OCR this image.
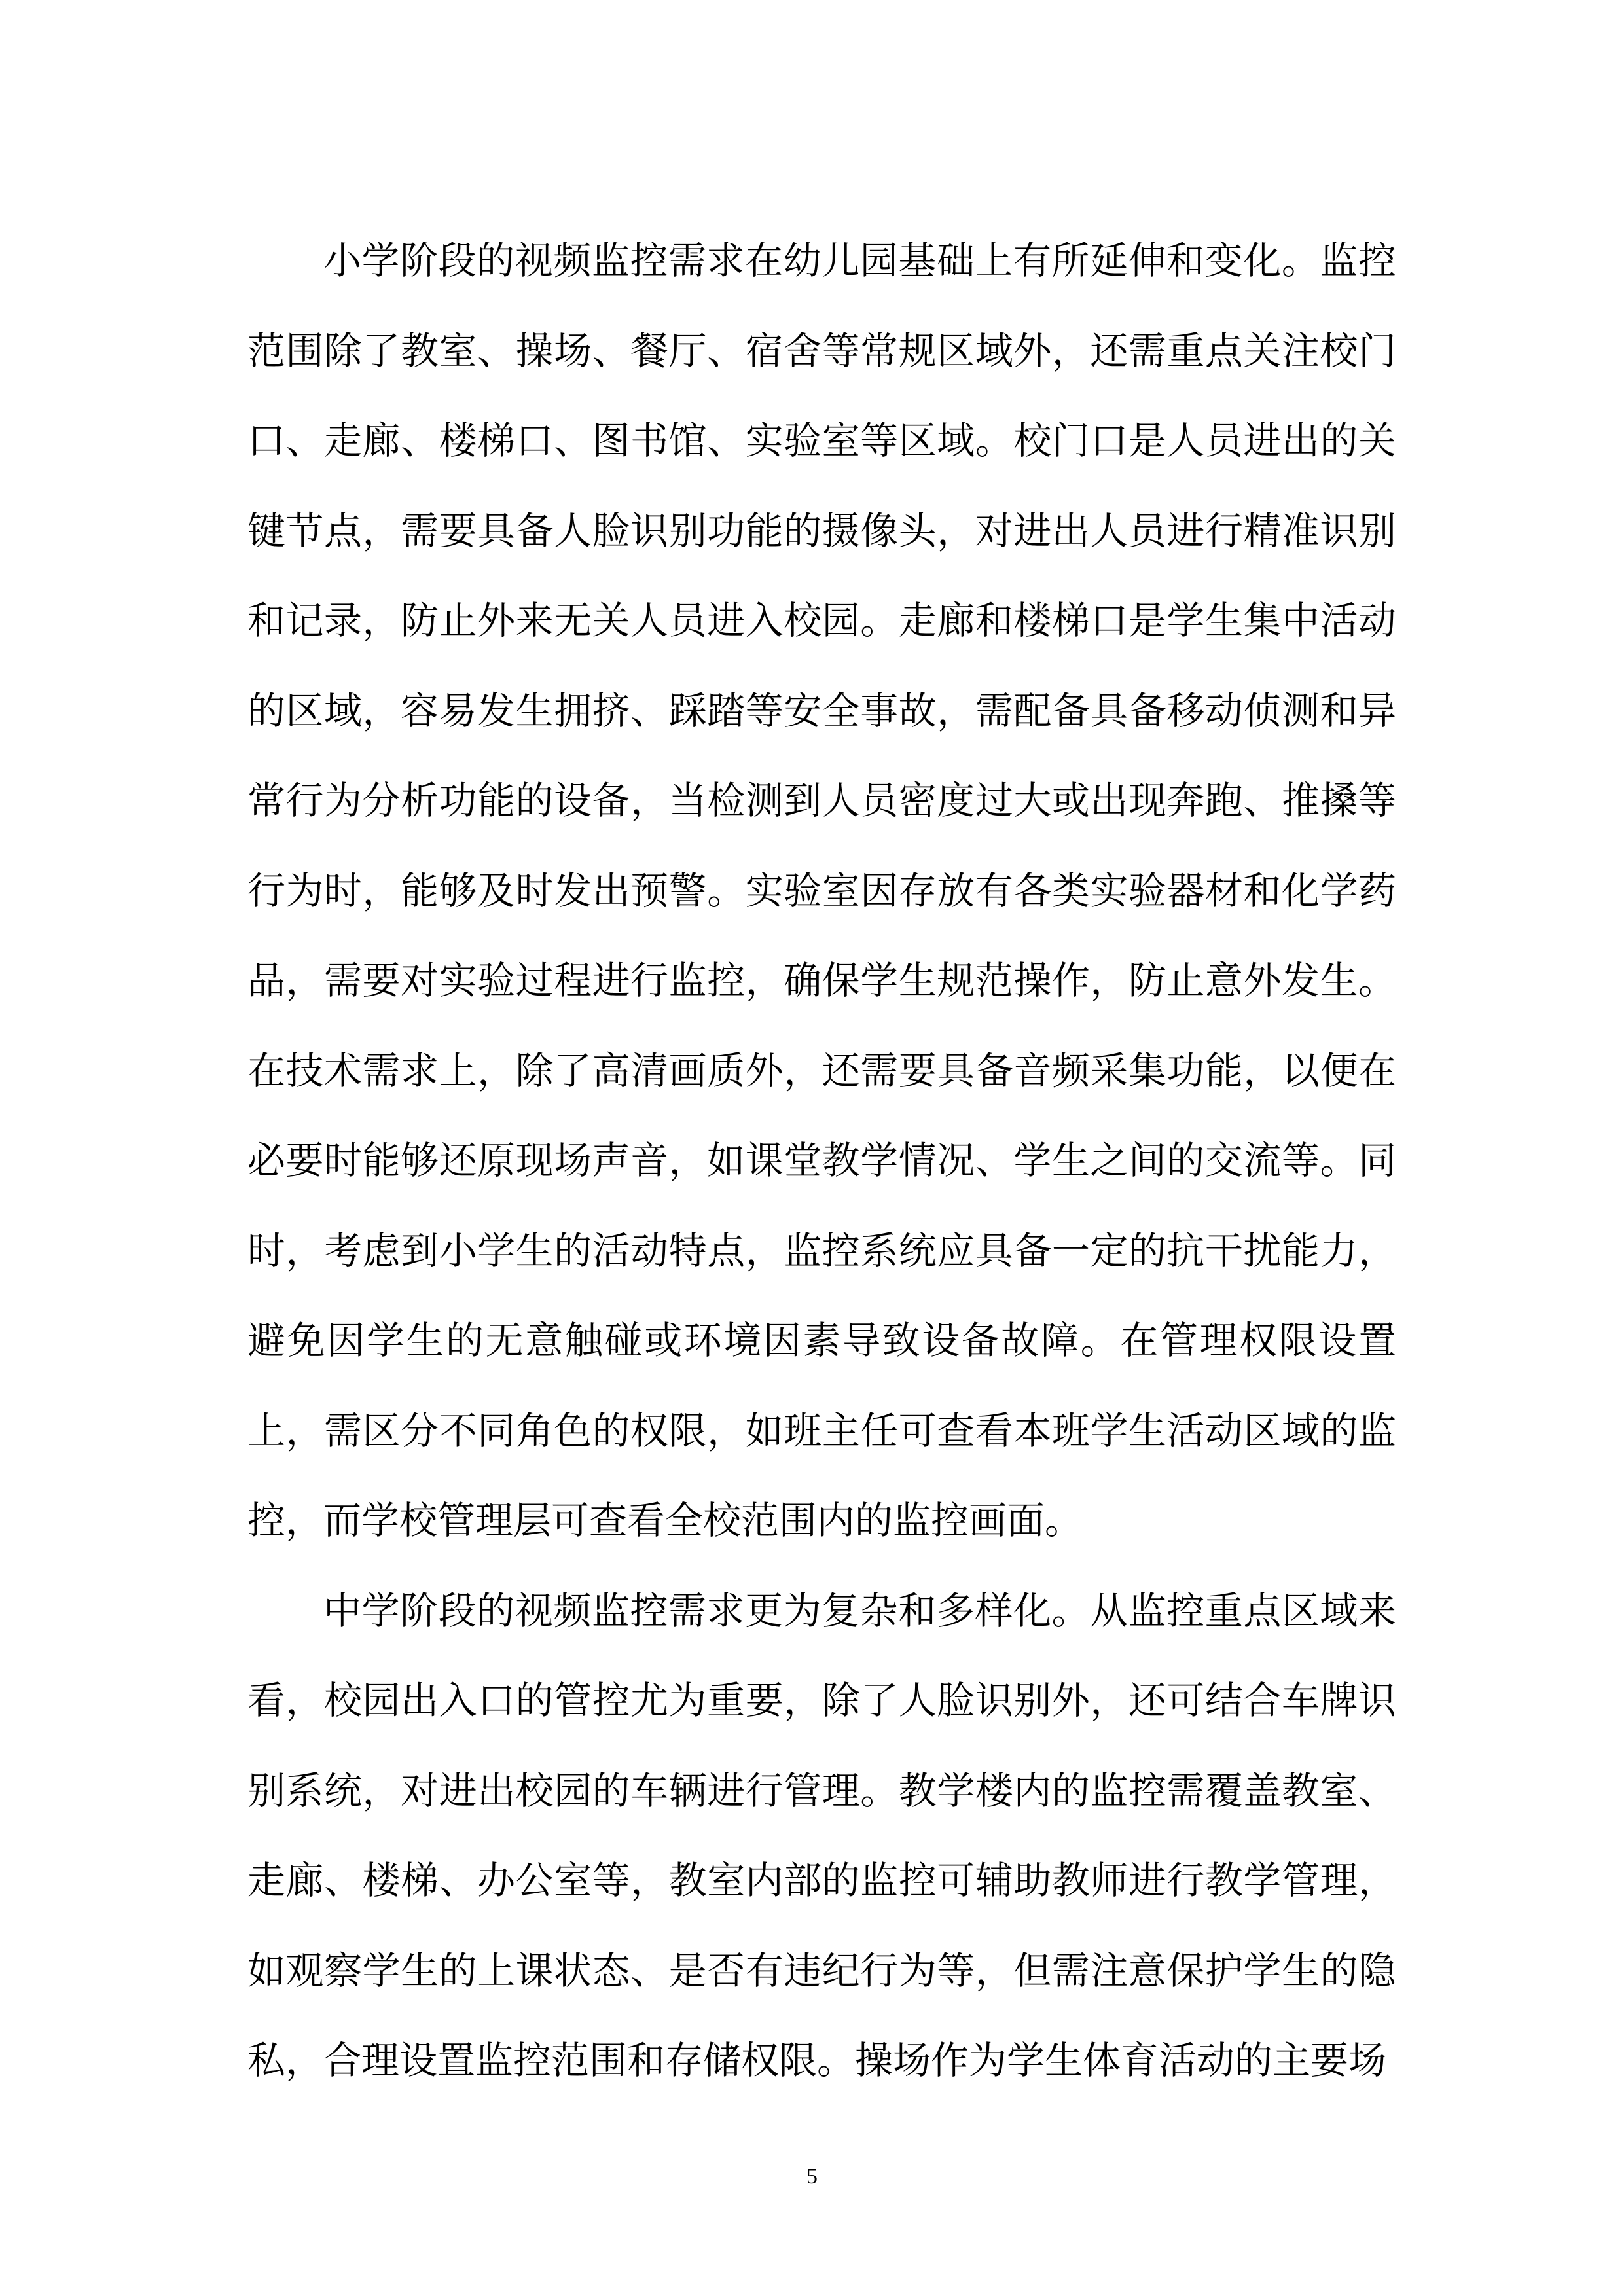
小学阶段的视频监控需求在幼儿园基础上有所延伸和变化。监控范围除了教室、操场、餐厅、宿舍等常规区域外，还需重点关注校门口、走廊、楼梯口、图书馆、实验室等区域。校门口是人员进出的关键节点，需要具备人脸识别功能的摄像头，对进出人员进行精准识别和记录，防止外来无关人员进入校园。走廊和楼梯口是学生集中活动的区域，容易发生拥挤、踩踏等安全事故，需配备具备移动侦测和异常行为分析功能的设备，当检测到人员密度过大或出现奔跑、推搡等行为时，能够及时发出预警。实验室因存放有各类实验器材和化学药品，需要对实验过程进行监控，确保学生规范操作，防止意外发生。在技术需求上，除了高清画质外，还需要具备音频采集功能，以便在必要时能够还原现场声音，如课堂教学情况、学生之间的交流等。同时，考虑到小学生的活动特点，监控系统应具备一定的抗干扰能力，避免因学生的无意触碰或环境因素导致设备故障。在管理权限设置上，需区分不同角色的权限，如班主任可查看本班学生活动区域的监控，而学校管理层可查看全校范围内的监控画面。

中学阶段的视频监控需求更为复杂和多样化。从监控重点区域来看，校园出入口的管控尤为重要，除了人脸识别外，还可结合车牌识别系统，对进出校园的车辆进行管理。教学楼内的监控需覆盖教室、走廊、楼梯、办公室等，教室内部的监控可辅助教师进行教学管理，如观察学生的上课状态、是否有违纪行为等，但需注意保护学生的隐私，合理设置监控范围和存储权限。操场作为学生体育活动的主要场

5
